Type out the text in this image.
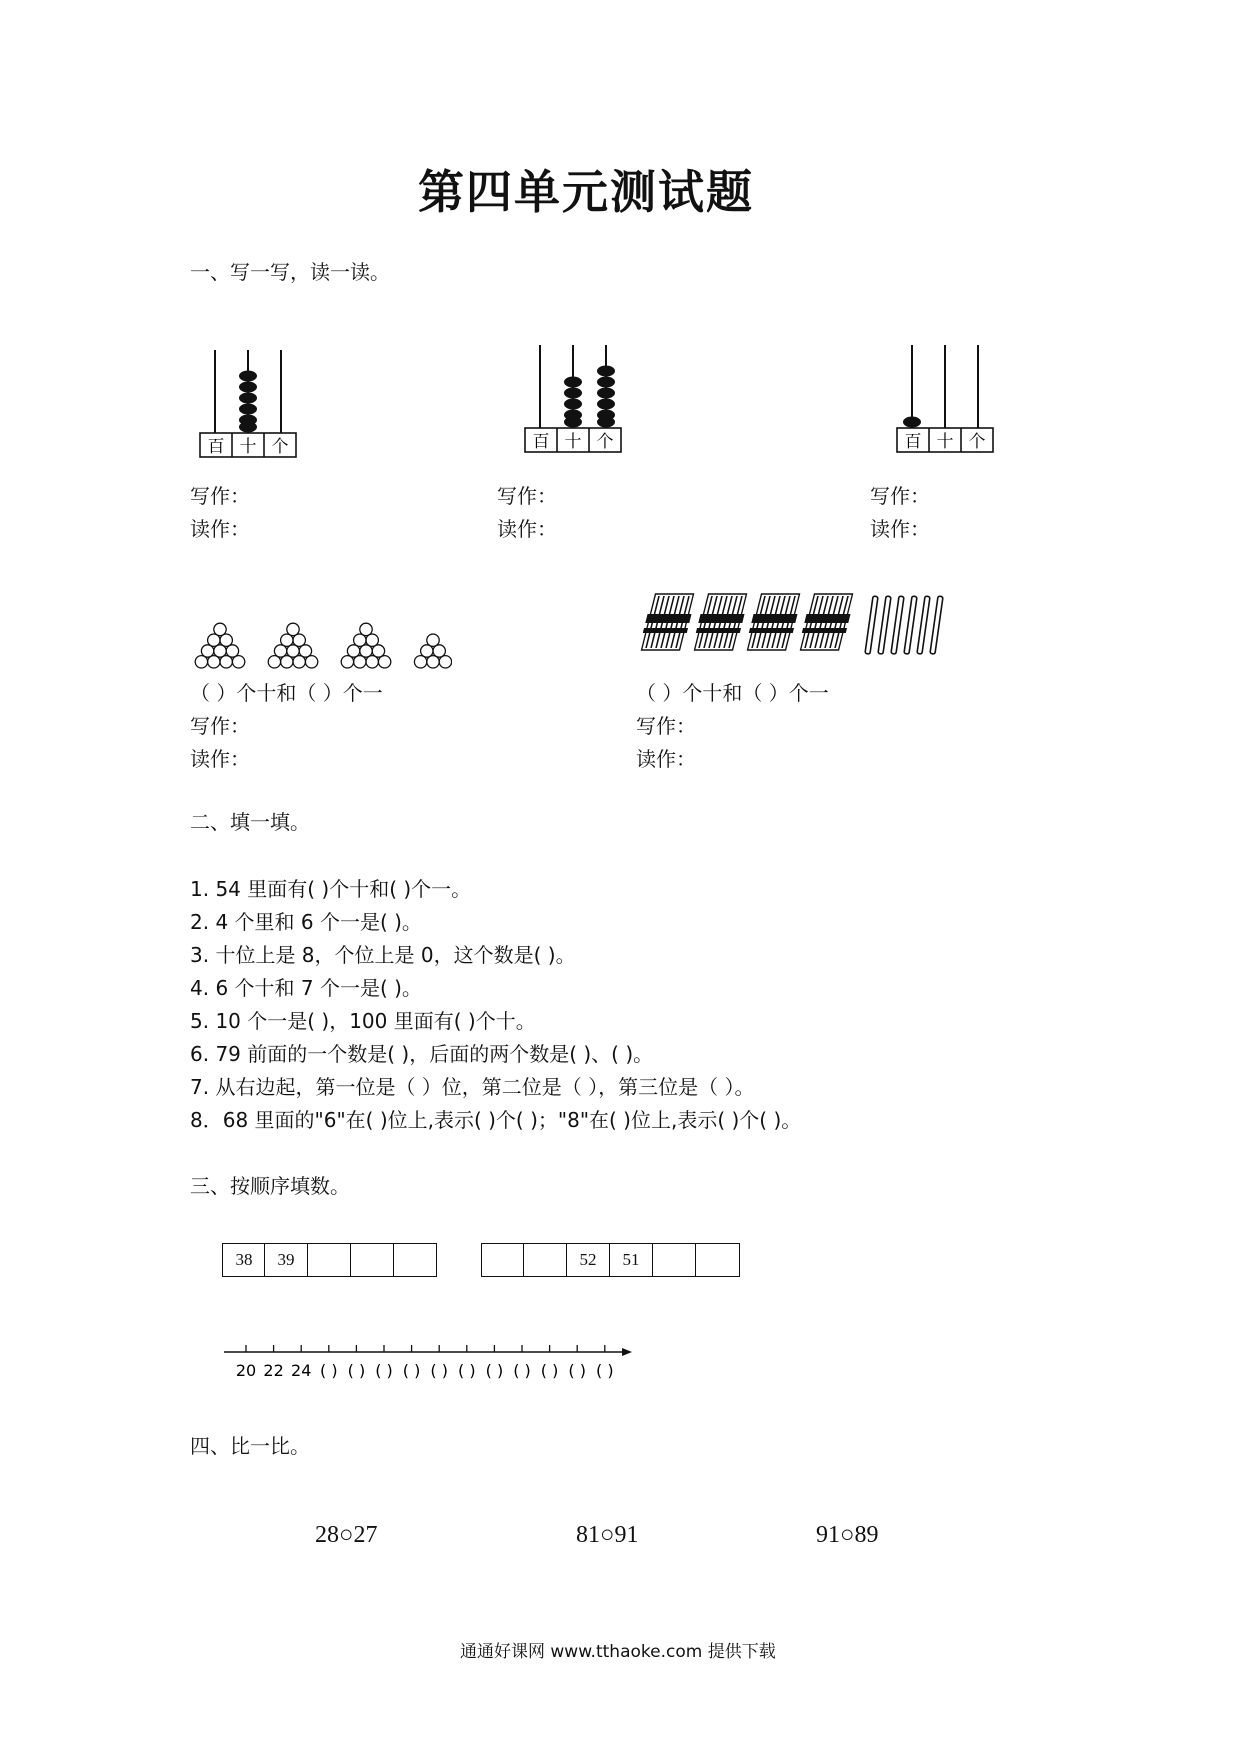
第四单元测试题
一、写一写，读一读。
百 十 个	百 十 个	百 十 个
写作：
读作：
写作：
读作：
写作：
读作：
（ ）个十和（ ）个一	（ ）个十和（ ）个一
写作：
读作：
写作：
读作：
二、填一填。
1. 54 里面有( )个十和( )个一。
2. 4 个里和 6 个一是( )。
3. 十位上是 8，个位上是 0，这个数是( )。
4. 6 个十和 7 个一是( )。
5. 10 个一是( )，100 里面有( )个十。
6. 79 前面的一个数是( )，后面的两个数是( )、( )。
7. 从右边起，第一位是（ ）位，第二位是（ ），第三位是（ ）。
8．68 里面的"6"在( )位上,表示( )个( )；"8"在( )位上,表示( )个( )。
三、按顺序填数。
38	39	52	51
20 22 24 ( ) ( ) ( ) ( ) ( ) ( ) ( ) ( ) ( ) ( ) ( )
四、比一比。
28○27	81○91	91○89
通通好课网 www.tthaoke.com 提供下载
